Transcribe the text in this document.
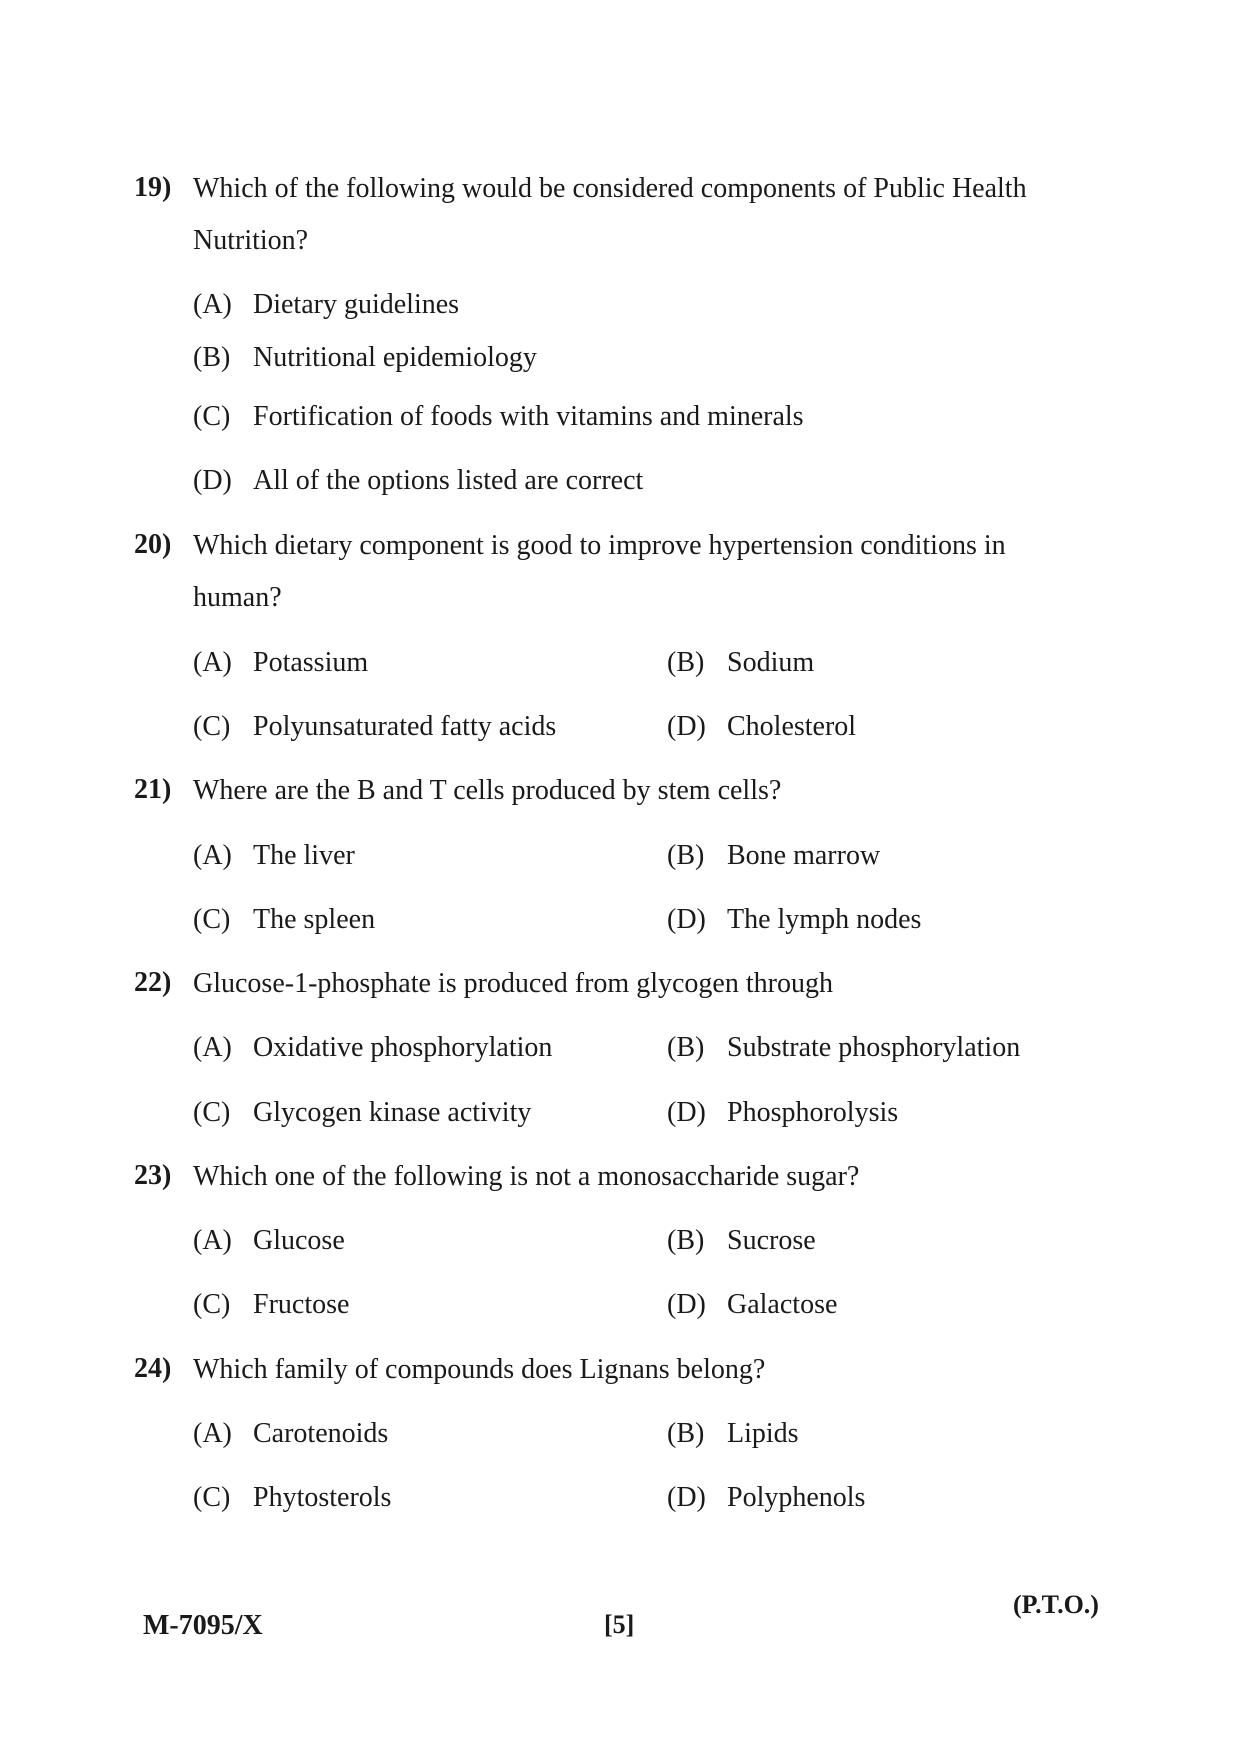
19) Which of the following would be considered components of Public Health Nutrition?
(A) Dietary guidelines
(B) Nutritional epidemiology
(C) Fortification of foods with vitamins and minerals
(D) All of the options listed are correct
20) Which dietary component is good to improve hypertension conditions in human?
(A) Potassium	(B) Sodium
(C) Polyunsaturated fatty acids	(D) Cholesterol
21) Where are the B and T cells produced by stem cells?
(A) The liver	(B) Bone marrow
(C) The spleen	(D) The lymph nodes
22) Glucose-1-phosphate is produced from glycogen through
(A) Oxidative phosphorylation	(B) Substrate phosphorylation
(C) Glycogen kinase activity	(D) Phosphorolysis
23) Which one of the following is not a monosaccharide sugar?
(A) Glucose	(B) Sucrose
(C) Fructose	(D) Galactose
24) Which family of compounds does Lignans belong?
(A) Carotenoids	(B) Lipids
(C) Phytosterols	(D) Polyphenols
M-7095/X	[5]
(P.T.O.)
